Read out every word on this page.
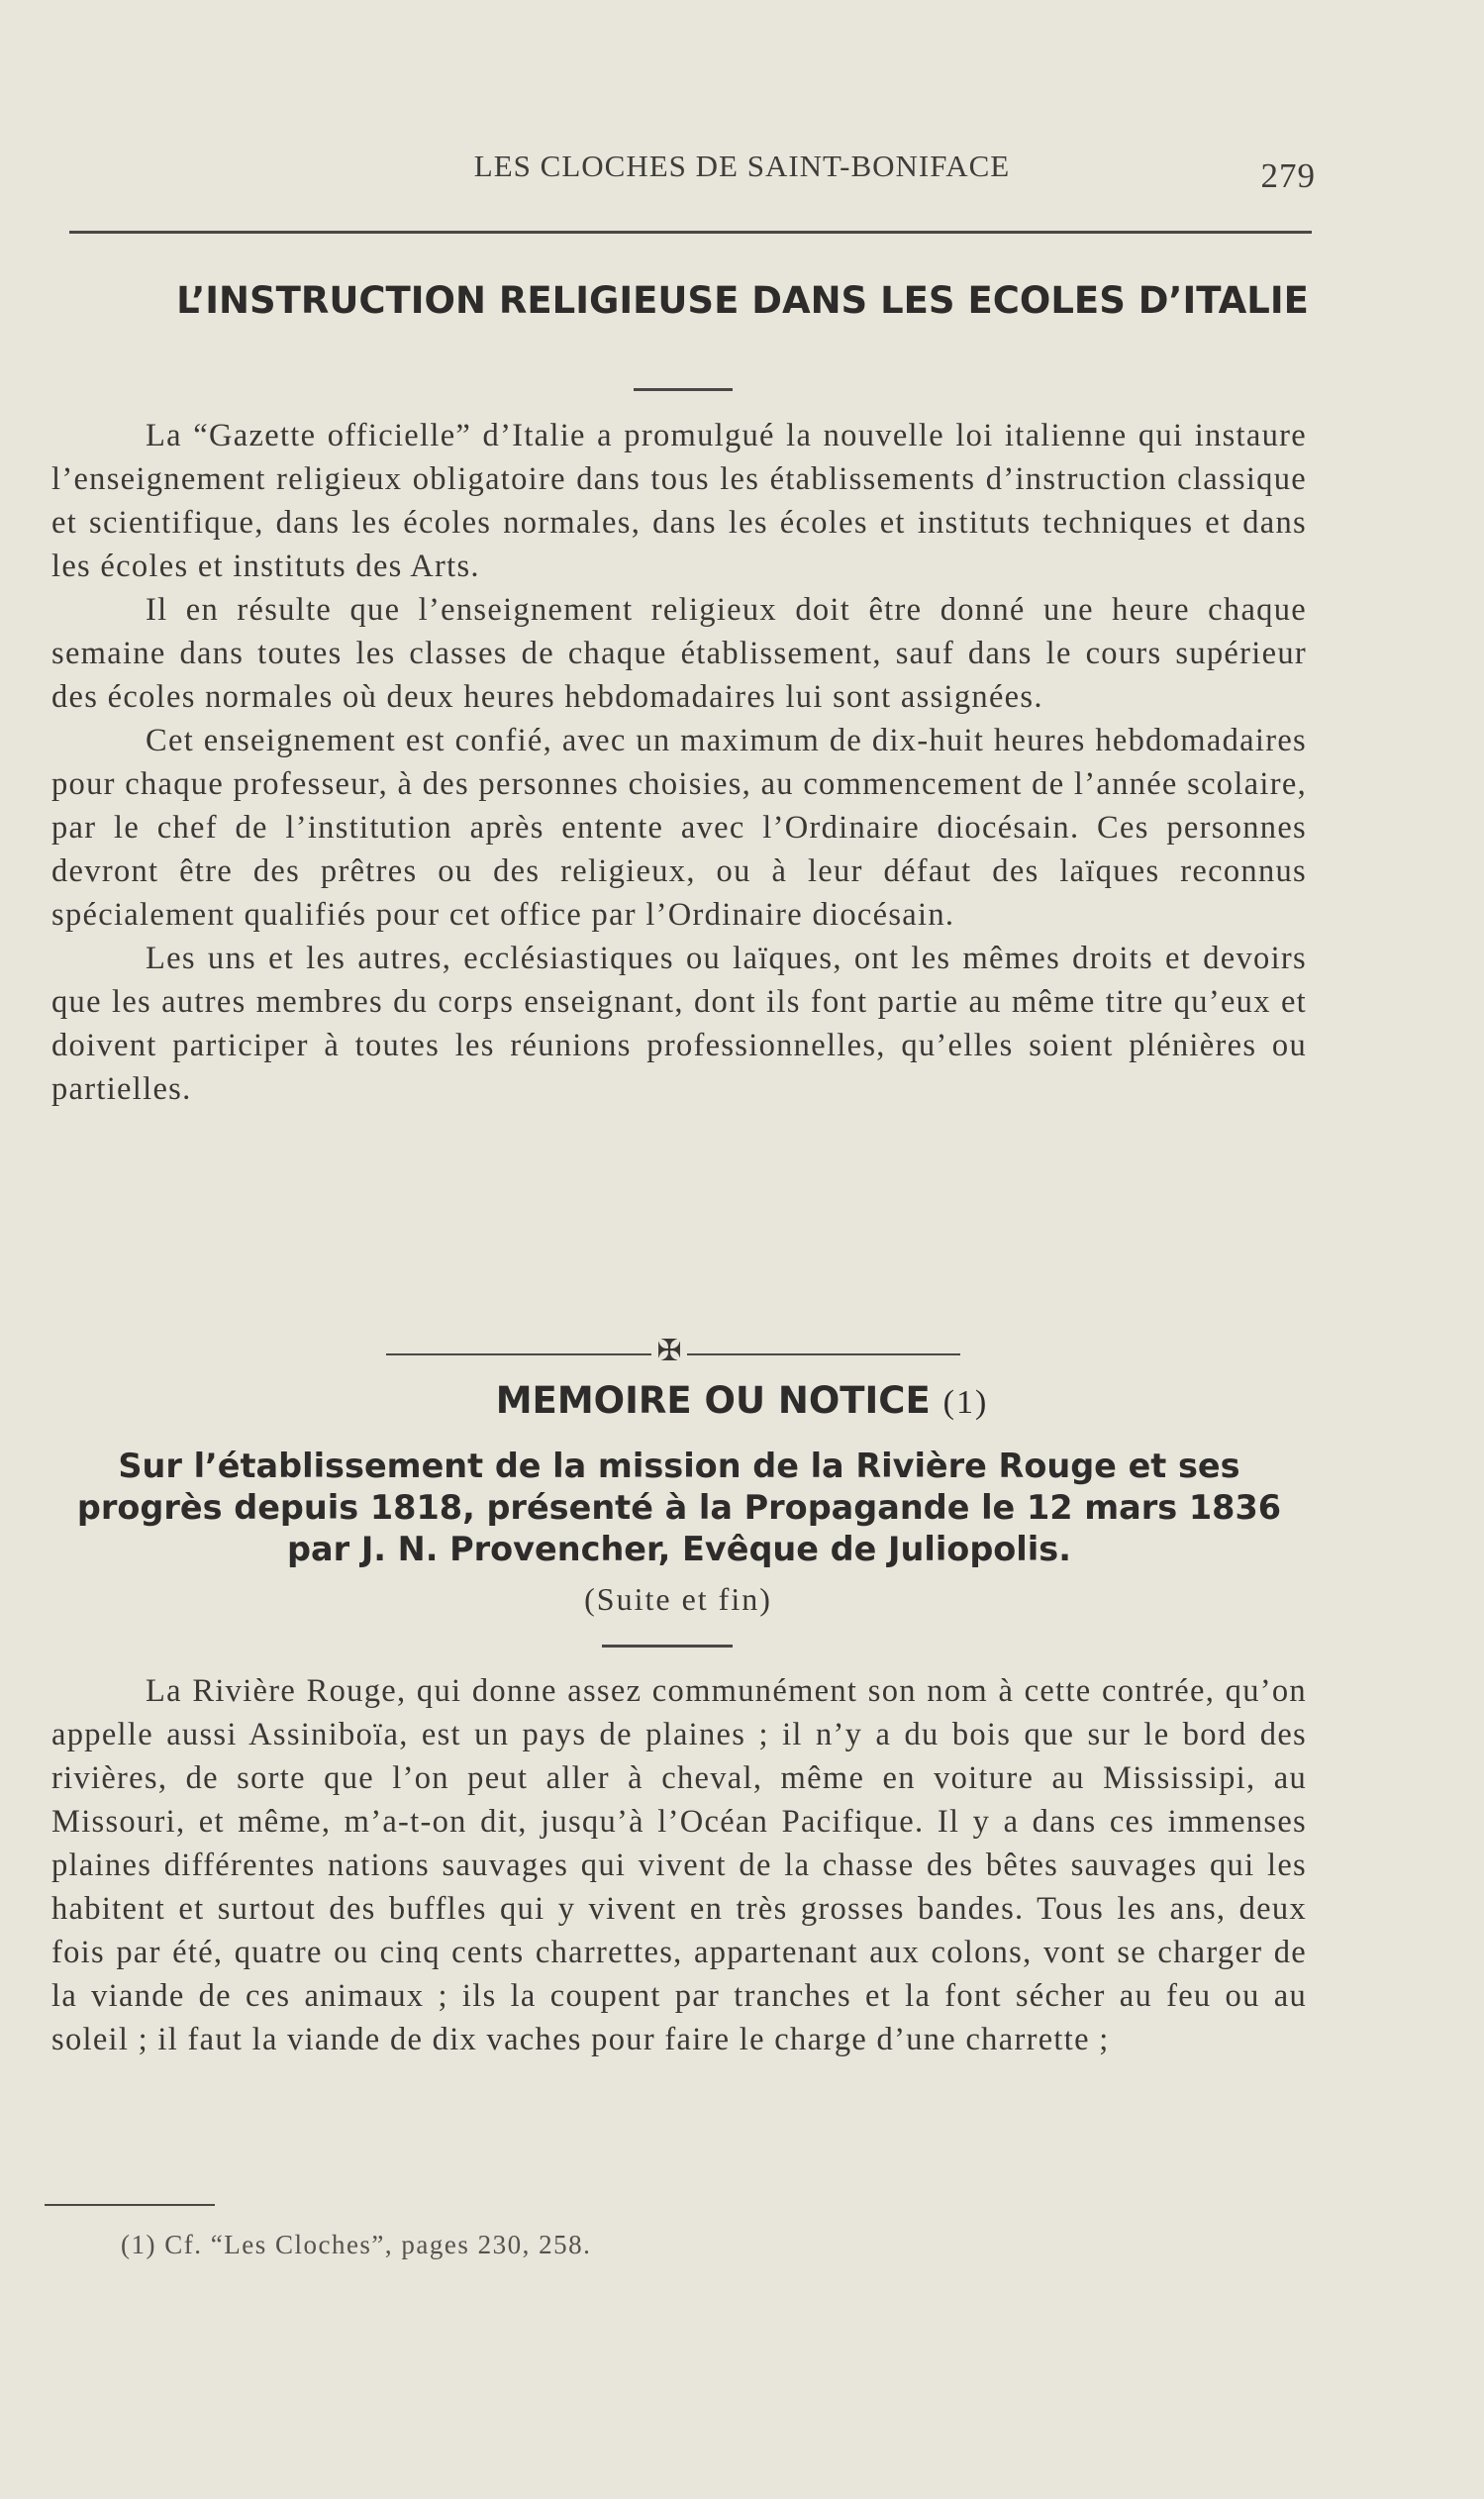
LES CLOCHES DE SAINT-BONIFACE	279
L’INSTRUCTION RELIGIEUSE DANS LES ECOLES D’ITALIE

La “Gazette officielle” d’Italie a promulgué la nouvelle loi italienne qui instaure l’enseignement religieux obligatoire dans tous les établissements d’instruction classique et scientifique, dans les écoles normales, dans les écoles et instituts techniques et dans les écoles et instituts des Arts.

Il en résulte que l’enseignement religieux doit être donné une heure chaque semaine dans toutes les classes de chaque établissement, sauf dans le cours supérieur des écoles normales où deux heures hebdomadaires lui sont assignées.

Cet enseignement est confié, avec un maximum de dix-huit heures hebdomadaires pour chaque professeur, à des personnes choisies, au commencement de l’année scolaire, par le chef de l’institution après entente avec l’Ordinaire diocésain. Ces personnes devront être des prêtres ou des religieux, ou à leur défaut des laïques reconnus spécialement qualifiés pour cet office par l’Ordinaire diocésain.

Les uns et les autres, ecclésiastiques ou laïques, ont les mêmes droits et devoirs que les autres membres du corps enseignant, dont ils font partie au même titre qu’eux et doivent participer à toutes les réunions professionnelles, qu’elles soient plénières ou partielles.

✠
MEMOIRE OU NOTICE (1)
Sur l’établissement de la mission de la Rivière Rouge et ses progrès depuis 1818, présenté à la Propagande le 12 mars 1836 par J. N. Provencher, Evêque de Juliopolis.
(Suite et fin)

La Rivière Rouge, qui donne assez communément son nom à cette contrée, qu’on appelle aussi Assiniboïa, est un pays de plaines ; il n’y a du bois que sur le bord des rivières, de sorte que l’on peut aller à cheval, même en voiture au Mississipi, au Missouri, et même, m’a-t-on dit, jusqu’à l’Océan Pacifique. Il y a dans ces immenses plaines différentes nations sauvages qui vivent de la chasse des bêtes sauvages qui les habitent et surtout des buffles qui y vivent en très grosses bandes. Tous les ans, deux fois par été, quatre ou cinq cents charrettes, appartenant aux colons, vont se charger de la viande de ces animaux ; ils la coupent par tranches et la font sécher au feu ou au soleil ; il faut la viande de dix vaches pour faire le charge d’une charrette ;

(1) Cf. “Les Cloches”, pages 230, 258.
